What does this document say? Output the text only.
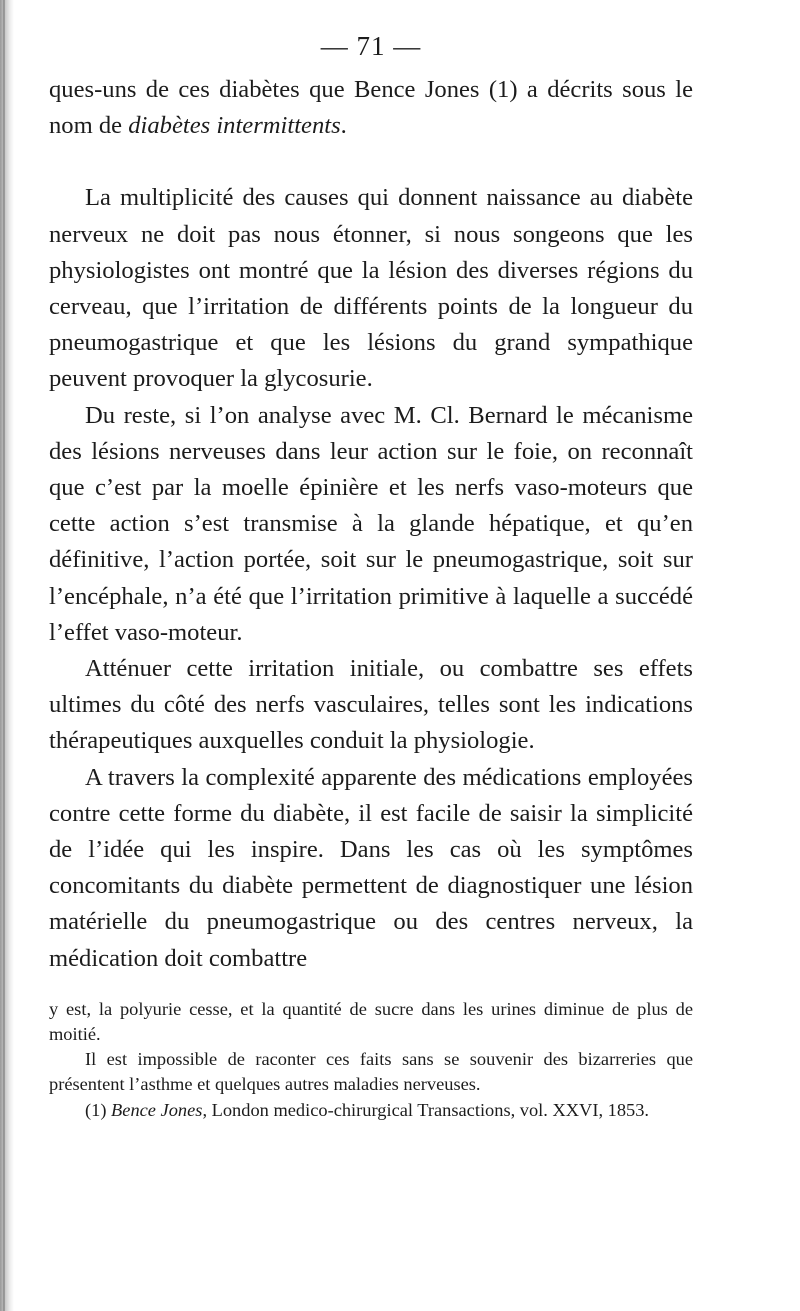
— 71 —

ques-uns de ces diabètes que Bence Jones (1) a décrits sous le nom de diabètes intermittents.

La multiplicité des causes qui donnent naissance au diabète nerveux ne doit pas nous étonner, si nous songeons que les physiologistes ont montré que la lésion des diverses régions du cerveau, que l’irritation de différents points de la longueur du pneumogastrique et que les lésions du grand sympathique peuvent provoquer la glycosurie.

Du reste, si l’on analyse avec M. Cl. Bernard le mécanisme des lésions nerveuses dans leur action sur le foie, on reconnaît que c’est par la moelle épinière et les nerfs vaso-moteurs que cette action s’est transmise à la glande hépatique, et qu’en définitive, l’action portée, soit sur le pneumogastrique, soit sur l’encéphale, n’a été que l’irritation primitive à laquelle a succédé l’effet vaso-moteur.

Atténuer cette irritation initiale, ou combattre ses effets ultimes du côté des nerfs vasculaires, telles sont les indications thérapeutiques auxquelles conduit la physiologie.

A travers la complexité apparente des médications employées contre cette forme du diabète, il est facile de saisir la simplicité de l’idée qui les inspire. Dans les cas où les symptômes concomitants du diabète permettent de diagnostiquer une lésion matérielle du pneumogastrique ou des centres nerveux, la médication doit combattre

y est, la polyurie cesse, et la quantité de sucre dans les urines diminue de plus de moitié.

Il est impossible de raconter ces faits sans se souvenir des bizarreries que présentent l’asthme et quelques autres maladies nerveuses.

(1) Bence Jones, London medico-chirurgical Transactions, vol. XXVI, 1853.
